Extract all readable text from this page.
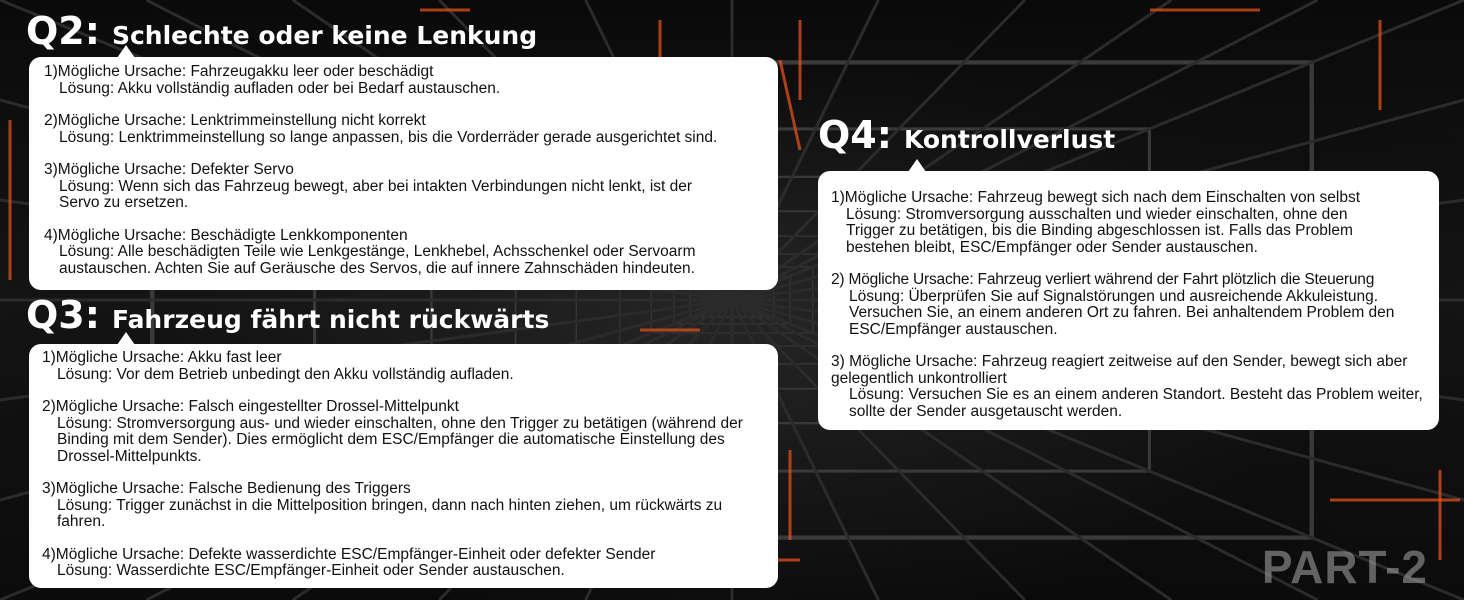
Q2: Schlechte oder keine Lenkung
1)Mögliche Ursache: Fahrzeugakku leer oder beschädigt
Lösung: Akku vollständig aufladen oder bei Bedarf austauschen.
2)Mögliche Ursache: Lenktrimmeinstellung nicht korrekt
Lösung: Lenktrimmeinstellung so lange anpassen, bis die Vorderräder gerade ausgerichtet sind.
3)Mögliche Ursache: Defekter Servo
Lösung: Wenn sich das Fahrzeug bewegt, aber bei intakten Verbindungen nicht lenkt, ist der Servo zu ersetzen.
4)Mögliche Ursache: Beschädigte Lenkkomponenten
Lösung: Alle beschädigten Teile wie Lenkgestänge, Lenkhebel, Achsschenkel oder Servoarm austauschen. Achten Sie auf Geräusche des Servos, die auf innere Zahnschäden hindeuten.
Q3: Fahrzeug fährt nicht rückwärts
1)Mögliche Ursache: Akku fast leer
Lösung: Vor dem Betrieb unbedingt den Akku vollständig aufladen.
2)Mögliche Ursache: Falsch eingestellter Drossel-Mittelpunkt
Lösung: Stromversorgung aus- und wieder einschalten, ohne den Trigger zu betätigen (während der Binding mit dem Sender). Dies ermöglicht dem ESC/Empfänger die automatische Einstellung des Drossel-Mittelpunkts.
3)Mögliche Ursache: Falsche Bedienung des Triggers
Lösung: Trigger zunächst in die Mittelposition bringen, dann nach hinten ziehen, um rückwärts zu fahren.
4)Mögliche Ursache: Defekte wasserdichte ESC/Empfänger-Einheit oder defekter Sender
Lösung: Wasserdichte ESC/Empfänger-Einheit oder Sender austauschen.
Q4: Kontrollverlust
1)Mögliche Ursache: Fahrzeug bewegt sich nach dem Einschalten von selbst
Lösung: Stromversorgung ausschalten und wieder einschalten, ohne den Trigger zu betätigen, bis die Binding abgeschlossen ist. Falls das Problem bestehen bleibt, ESC/Empfänger oder Sender austauschen.
2) Mögliche Ursache: Fahrzeug verliert während der Fahrt plötzlich die Steuerung
Lösung: Überprüfen Sie auf Signalstörungen und ausreichende Akkuleistung. Versuchen Sie, an einem anderen Ort zu fahren. Bei anhaltendem Problem den ESC/Empfänger austauschen.
3) Mögliche Ursache: Fahrzeug reagiert zeitweise auf den Sender, bewegt sich aber gelegentlich unkontrolliert
Lösung: Versuchen Sie es an einem anderen Standort. Besteht das Problem weiter, sollte der Sender ausgetauscht werden.
PART-2
